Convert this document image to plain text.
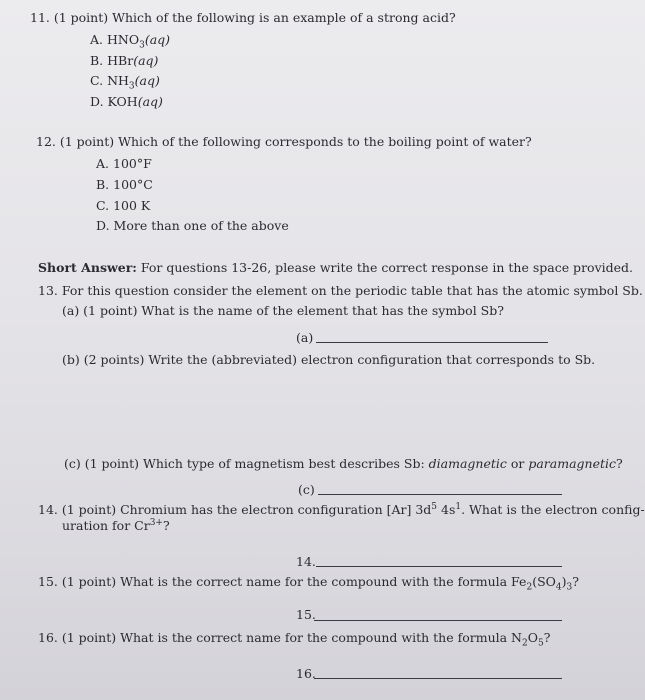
11. (1 point) Which of the following is an example of a strong acid?
A. $HNO_3(aq)$
B. HBr(aq)
C. $NH_3(aq)$
D. KOH(aq)
12. (1 point) Which of the following corresponds to the boiling point of water?
A. 100°F
B. 100°C
C. 100 K
D. More than one of the above
Short Answer: For questions 13-26, please write the correct response in the space provided.
13. For this question consider the element on the periodic table that has the atomic symbol Sb.
(a) (1 point) What is the name of the element that has the symbol Sb?
(a)
(b) (2 points) Write the (abbreviated) electron configuration that corresponds to Sb.
(c) (1 point) Which type of magnetism best describes Sb: diamagnetic or paramagnetic?
(c)
14. (1 point) Chromium has the electron configuration [Ar] $3d^5$ $4s^1$. What is the electron config-
uration for $Cr^{3+}$?
14.
15. (1 point) What is the correct name for the compound with the formula $Fe_2(SO_4)_3$?
15.
16. (1 point) What is the correct name for the compound with the formula $N_2O_5$?
16.
